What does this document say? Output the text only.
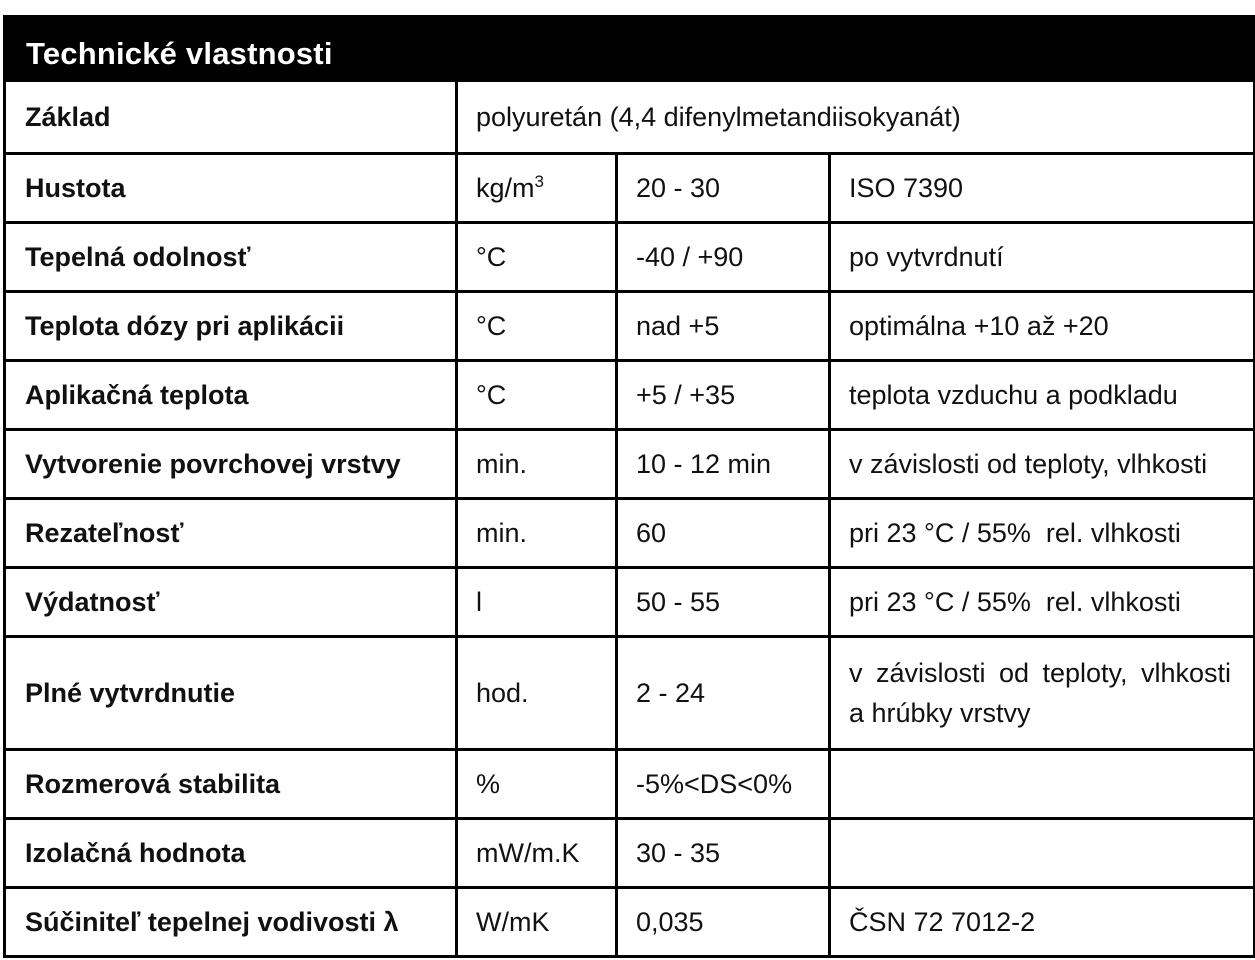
Technické vlastnosti			
Základ	polyuretán (4,4 difenylmetandiisokyanát)		
Hustota	$kg/m^3$	20 - 30	ISO 7390
Tepelná odolnosť	°C	-40 / +90	po vytvrdnutí
Teplota dózy pri aplikácii	°C	nad +5	optimálna +10 až +20
Aplikačná teplota	°C	+5 / +35	teplota vzduchu a podkladu
Vytvorenie povrchovej vrstvy	min.	10 - 12 min	v závislosti od teploty, vlhkosti
Rezateľnosť	min.	60	pri 23 °C / 55%  rel. vlhkosti
Výdatnosť	l	50 - 55	pri 23 °C / 55%  rel. vlhkosti
Plné vytvrdnutie	hod.	2 - 24	v závislosti od teploty, vlhkosti
a hrúbky vrstvy

Rozmerová stabilita	%	-5%<DS<0%	
Izolačná hodnota	mW/m.K	30 - 35	
Súčiniteľ tepelnej vodivosti λ	W/mK	0,035	ČSN 72 7012-2
